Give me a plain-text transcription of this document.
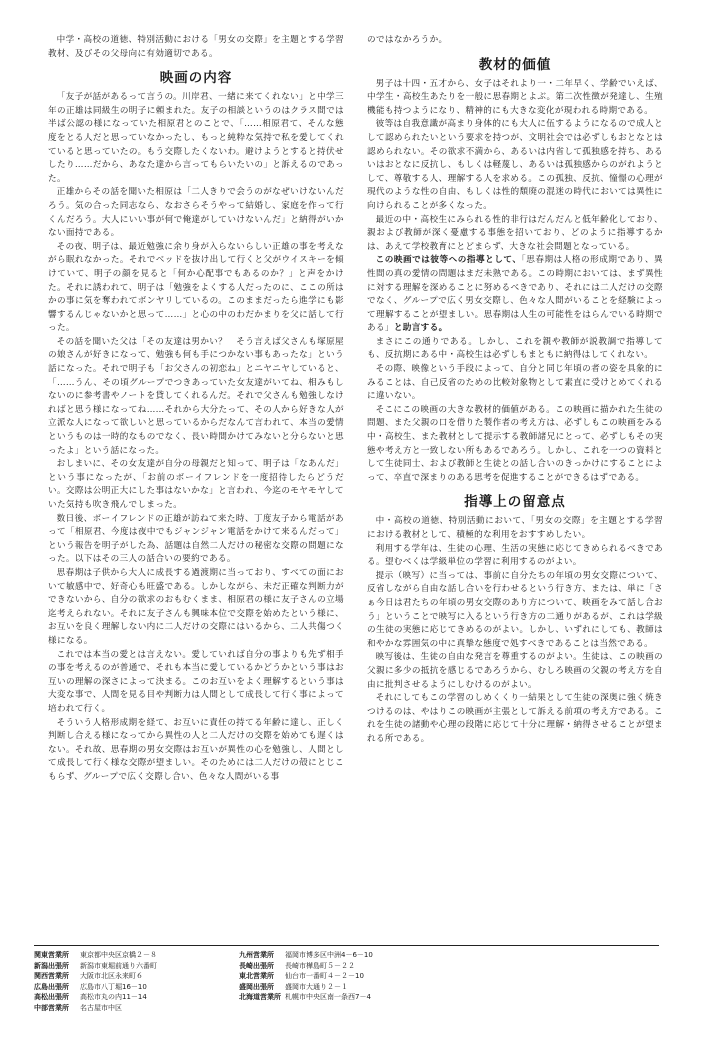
中学・高校の道徳、特別活動における「男女の交際」を主題とする学習教材、及びその父母向に有効適切である。

映画の内容

「友子が話があるって言うの。川岸君、一緒に来てくれない」と中学三年の正雄は同級生の明子に頼まれた。友子の相談というのはクラス間では半ば公認の様になっていた相原君とのことで、「……相原君て、そんな態度をとる人だと思っていなかったし、もっと純粋な気持で私を愛してくれていると思っていたの。もう交際したくないわ。避けようとすると持伏せしたり……だから、あなた達から言ってもらいたいの」と訴えるのであった。

正雄からその話を聞いた相原は「二人きりで会うのがなぜいけないんだろう。気の合った同志なら、なおさらそうやって結婚し、家庭を作って行くんだろう。大人にいい事が何で俺達がしていけないんだ」と納得がいかない面持である。

その夜、明子は、最近勉強に余り身が入らないらしい正雄の事を考えながら眠れなかった。それでベッドを抜け出して行くと父がウイスキーを傾けていて、明子の顔を見ると「何か心配事でもあるのか？」と声をかけた。それに誘われて、明子は「勉強をよくする人だったのに、ここの所はかの事に気を奪われてボンヤリしているの。このままだったら進学にも影響するんじゃないかと思って……」と心の中のわだかまりを父に話して行った。

その話を聞いた父は「その友達は男かい？　そう言えば父さんも塚原屋の娘さんが好きになって、勉強も何も手につかない事もあったな」という話になった。それで明子も「お父さんの初恋ね」とニヤニヤしていると、「……うん、その頃グループでつきあっていた女友達がいてね、相みもしないのに参考書やノートを貸してくれるんだ。それで父さんも勉強しなければと思う様になってね……それから大分たって、その人から好きな人が立派な人になって欲しいと思っているからだなんて言われて、本当の愛情というものは一時的なものでなく、長い時間かけてみないと分らないと思ったよ」という話になった。

おしまいに、その女友達が自分の母親だと知って、明子は「なあんだ」という事になったが、「お前のボーイフレンドを一度招待したらどうだい。交際は公明正大にした事はないかな」と言われ、今迄のモヤモヤしていた気持も吹き飛んでしまった。

数日後、ボーイフレンドの正雄が訪ねて来た時、丁度友子から電話があって「相原君、今度は夜中でもジャンジャン電話をかけて来るんだって」という報告を明子がした為、話題は自然二人だけの秘密な交際の問題になった。以下はその三人の話合いの要約である。

思春期は子供から大人に成長する過渡期に当っており、すべての面において敏感中で、好奇心も旺盛である。しかしながら、未だ正確な判断力ができないから、自分の欲求のおもむくまま、相原君の様に友子さんの立場迄考えられない。それに友子さんも興味本位で交際を始めたという様に、お互いを良く理解しない内に二人だけの交際にはいるから、二人共傷つく様になる。

これでは本当の愛とは言えない。愛していれば自分の事よりも先ず相手の事を考えるのが普通で、それも本当に愛しているかどうかという事はお互いの理解の深さによって決まる。このお互いをよく理解するという事は大変な事で、人間を見る目や判断力は人間として成長して行く事によって培われて行く。

そういう人格形成期を経て、お互いに責任の持てる年齢に達し、正しく判断し合える様になってから異性の人と二人だけの交際を始めても遅くはない。それ故、思春期の男女交際はお互いが異性の心を勉強し、人間として成長して行く様な交際が望ましい。そのためには二人だけの殻にとじこもらず、グループで広く交際し合い、色々な人間がいる事

のではなかろうか。

教材的価値

男子は十四・五才から、女子はそれより一・二年早く、学齢でいえば、中学生・高校生あたりを一般に思春期とよぶ。第二次性徴が発達し、生殖機能も持つようになり、精神的にも大きな変化が現われる時期である。

彼等は自我意識が高まり身体的にも大人に伍するようになるので成人として認められたいという要求を持つが、文明社会では必ずしもおとなとは認められない。その欲求不満から、あるいは内省して孤独感を持ち、あるいはおとなに反抗し、もしくは軽蔑し、あるいは孤独感からのがれようとして、尊敬する人、理解する人を求める。この孤独、反抗、憧憬の心理が現代のような性の自由、もしくは性的頽廃の混迷の時代においては異性に向けられることが多くなった。

最近の中・高校生にみられる性的非行はだんだんと低年齢化しており、親および教師が深く憂慮する事態を招いており、どのように指導するかは、あえて学校教育にとどまらず、大きな社会問題となっている。

この映画では彼等への指導として、「思春期は人格の形成期であり、異性間の真の愛情の問題はまだ未熟である。この時期においては、まず異性に対する理解を深めることに努めるべきであり、それには二人だけの交際でなく、グループで広く男女交際し、色々な人間がいることを経験によって理解することが望ましい。思春期は人生の可能性をはらんでいる時期である」と助言する。

まさにこの通りである。しかし、これを親や教師が説教調で指導しても、反抗期にある中・高校生は必ずしもまともに納得はしてくれない。

その際、映像という手段によって、自分と同じ年頃の者の姿を具象的にみることは、自己反省のための比較対象物として素直に受けとめてくれるに違いない。

そこにこの映画の大きな教材的価値がある。この映画に描かれた生徒の問題、また父親の口を借りた製作者の考え方は、必ずしもこの映画をみる中・高校生、また教材として提示する教師諸兄にとって、必ずしもその実態や考え方と一致しない所もあるであろう。しかし、これを一つの資料として生徒同士、および教師と生徒との話し合いのきっかけにすることによって、卒直で深まりのある思考を促進することができるはずである。

指導上の留意点

中・高校の道徳、特別活動において、「男女の交際」を主題とする学習における教材として、積極的な利用をおすすめしたい。

利用する学年は、生徒の心理、生活の実態に応じてきめられるべきである。望むべくは学級単位の学習に利用するのがよい。

提示（映写）に当っては、事前に自分たちの年頃の男女交際について、反省しながら自由な話し合いを行わせるという行き方、または、単に「さぁ今日は君たちの年頃の男女交際のあり方について、映画をみて話し合おう」ということで映写に入るという行き方の二通りがあるが、これは学級の生徒の実態に応じてきめるのがよい。しかし、いずれにしても、教師は和やかな雰囲気の中に真摯な態度で処すべきであることは当然である。

映写後は、生徒の自由な発言を尊重するのがよい。生徒は、この映画の父親に多少の抵抗を感じるであろうから、むしろ映画の父親の考え方を自由に批判させるようにしむけるのがよい。

それにしてもこの学習のしめくくり一結果として生徒の深奥に強く焼きつけるのは、やはりこの映画が主張として訴える前項の考え方である。これを生徒の諸動や心理の段階に応じて十分に理解・納得させることが望まれる所である。

関東営業所	東京都中央区京橋２－８
新潟出張所	新潟市東堀前通り六番町
関西営業所	大阪市北区永来町６
広島出張所	広島市八丁堀16－10
高松出張所	高松市丸の内11－14
中部営業所	名古屋市中区
九州営業所	福岡市博多区中洲4－6－10
長崎出張所	長崎市樺島町５－２２
東北営業所	仙台市一番町４－２－10
盛岡出張所	盛岡市大通り２－１
北海道営業所 札幌市中央区南一条西7－4
